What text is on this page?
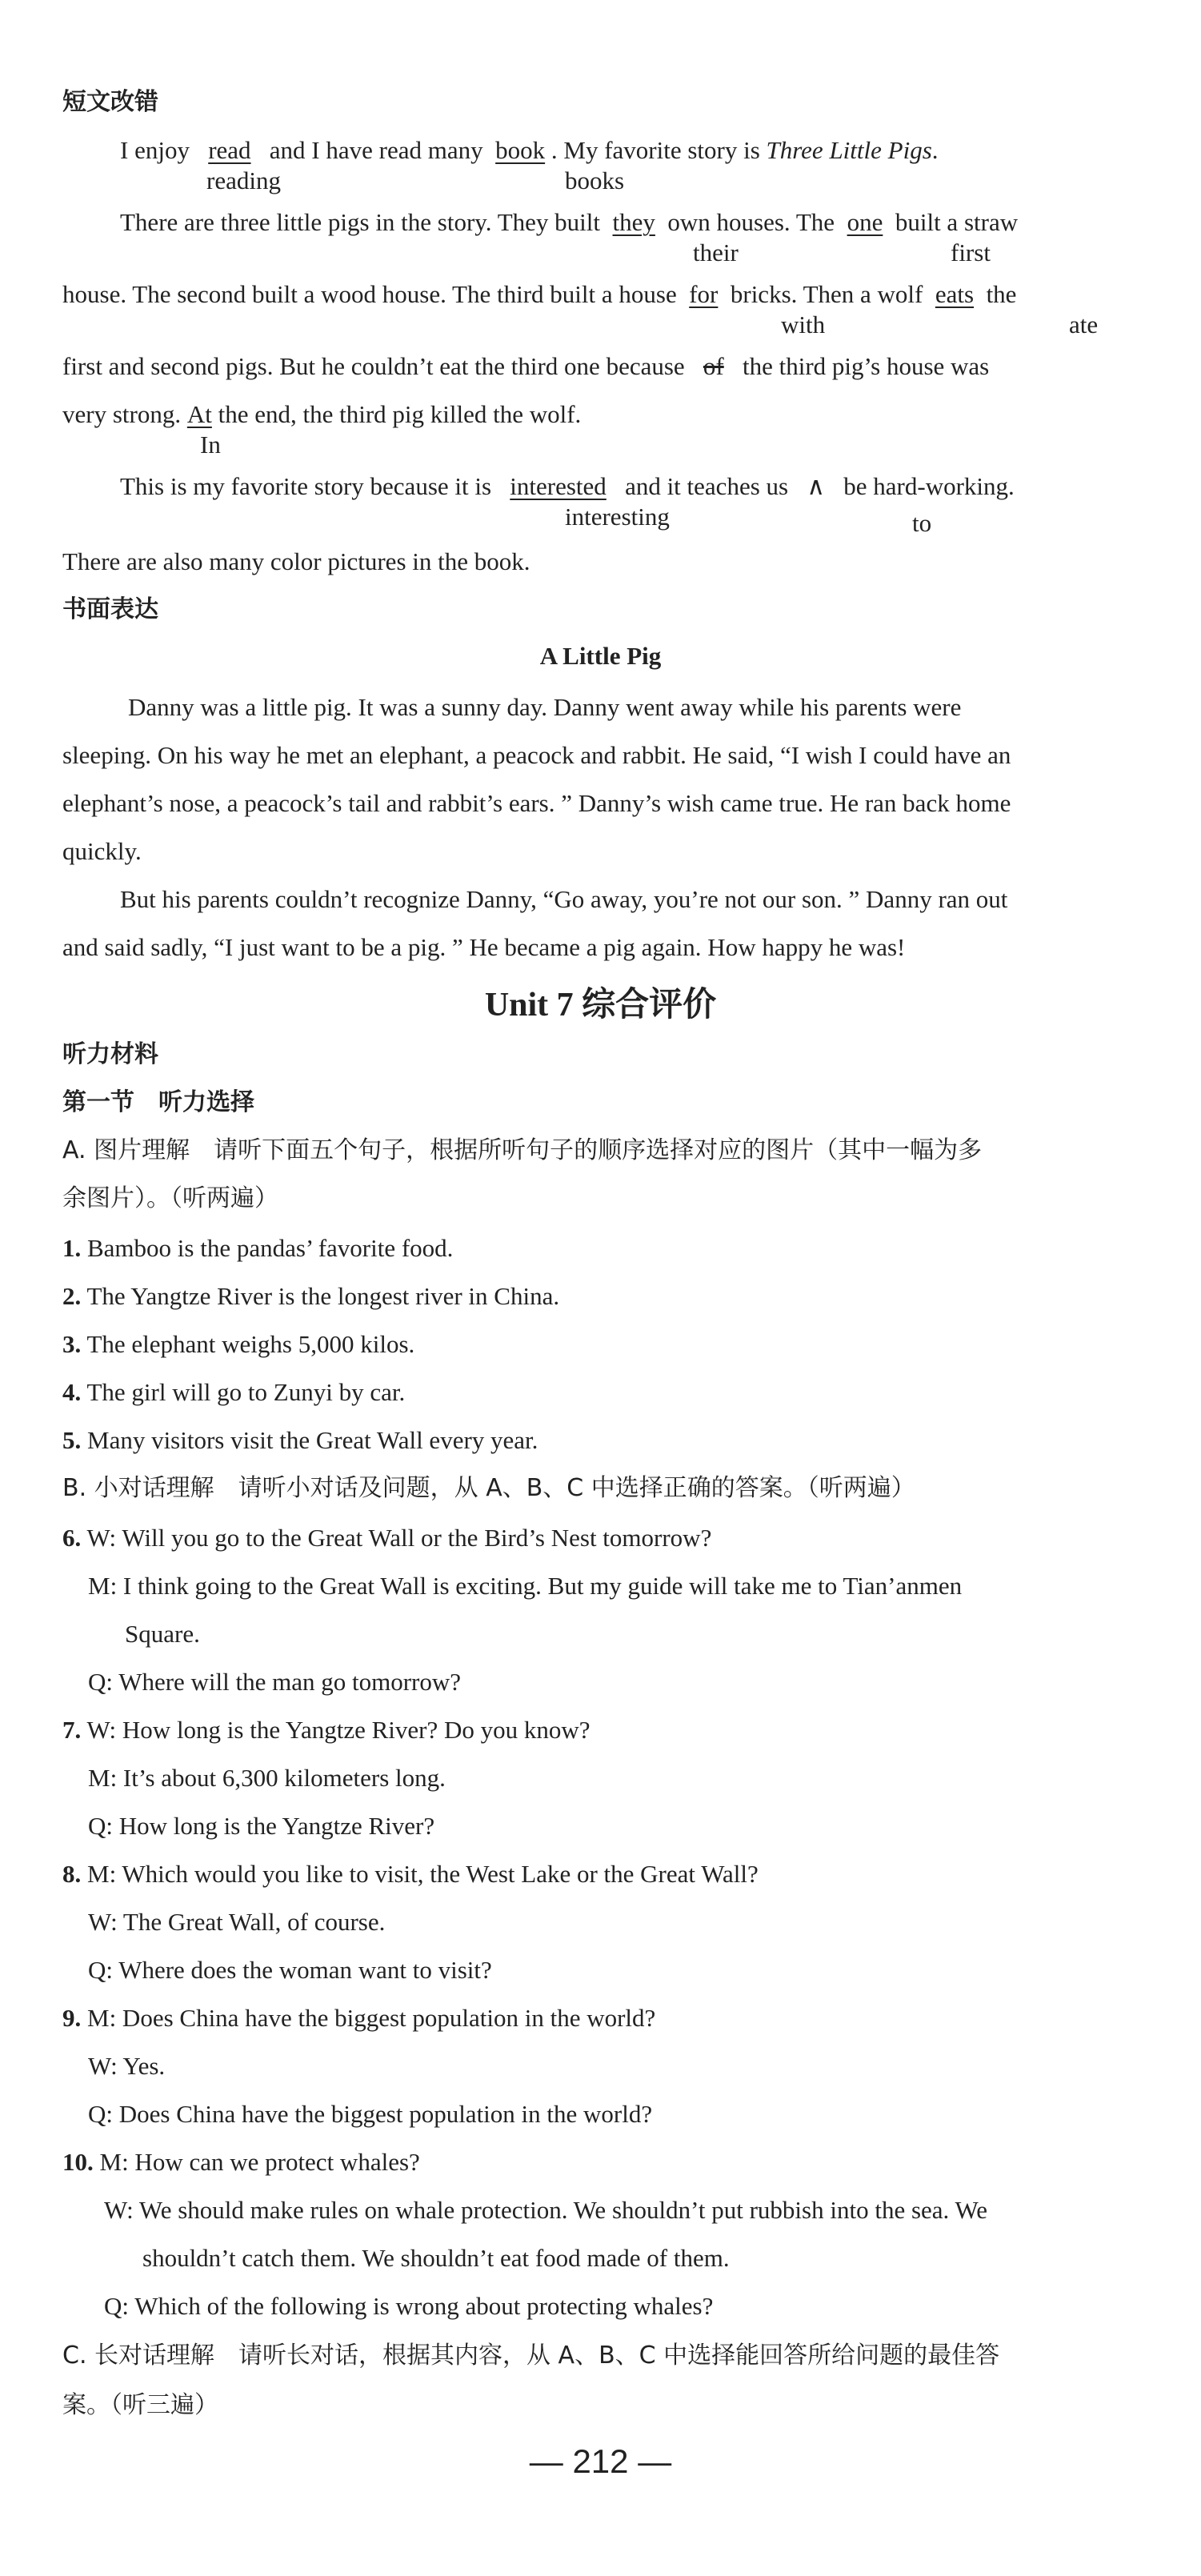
短文改错
I enjoy read and I have read many book . My favorite story is Three Little Pigs.
reading	books
There are three little pigs in the story. They built they own houses. The one built a straw
their	first
house. The second built a wood house. The third built a house for bricks. Then a wolf eats the
with	ate
first and second pigs. But he couldn’t eat the third one because of the third pig’s house was
very strong. At the end, the third pig killed the wolf.
In
This is my favorite story because it is interested and it teaches us ∧ be hard-working.
interesting	to
There are also many color pictures in the book.
书面表达
A Little Pig
Danny was a little pig. It was a sunny day. Danny went away while his parents were
sleeping. On his way he met an elephant, a peacock and rabbit. He said, “I wish I could have an
elephant’s nose, a peacock’s tail and rabbit’s ears. ” Danny’s wish came true. He ran back home
quickly.
But his parents couldn’t recognize Danny, “Go away, you’re not our son. ” Danny ran out
and said sadly, “I just want to be a pig. ” He became a pig again. How happy he was!
Unit 7 综合评价
听力材料
第一节　听力选择
A. 图片理解　请听下面五个句子，根据所听句子的顺序选择对应的图片（其中一幅为多
余图片）。（听两遍）
1. Bamboo is the pandas’ favorite food.
2. The Yangtze River is the longest river in China.
3. The elephant weighs 5,000 kilos.
4. The girl will go to Zunyi by car.
5. Many visitors visit the Great Wall every year.
B. 小对话理解　请听小对话及问题，从 A、B、C 中选择正确的答案。（听两遍）
6. W: Will you go to the Great Wall or the Bird’s Nest tomorrow?
M: I think going to the Great Wall is exciting. But my guide will take me to Tian’anmen
Square.
Q: Where will the man go tomorrow?
7. W: How long is the Yangtze River? Do you know?
M: It’s about 6,300 kilometers long.
Q: How long is the Yangtze River?
8. M: Which would you like to visit, the West Lake or the Great Wall?
W: The Great Wall, of course.
Q: Where does the woman want to visit?
9. M: Does China have the biggest population in the world?
W: Yes.
Q: Does China have the biggest population in the world?
10. M: How can we protect whales?
W: We should make rules on whale protection. We shouldn’t put rubbish into the sea. We
shouldn’t catch them. We shouldn’t eat food made of them.
Q: Which of the following is wrong about protecting whales?
C. 长对话理解　请听长对话，根据其内容，从 A、B、C 中选择能回答所给问题的最佳答
案。（听三遍）
— 212 —
